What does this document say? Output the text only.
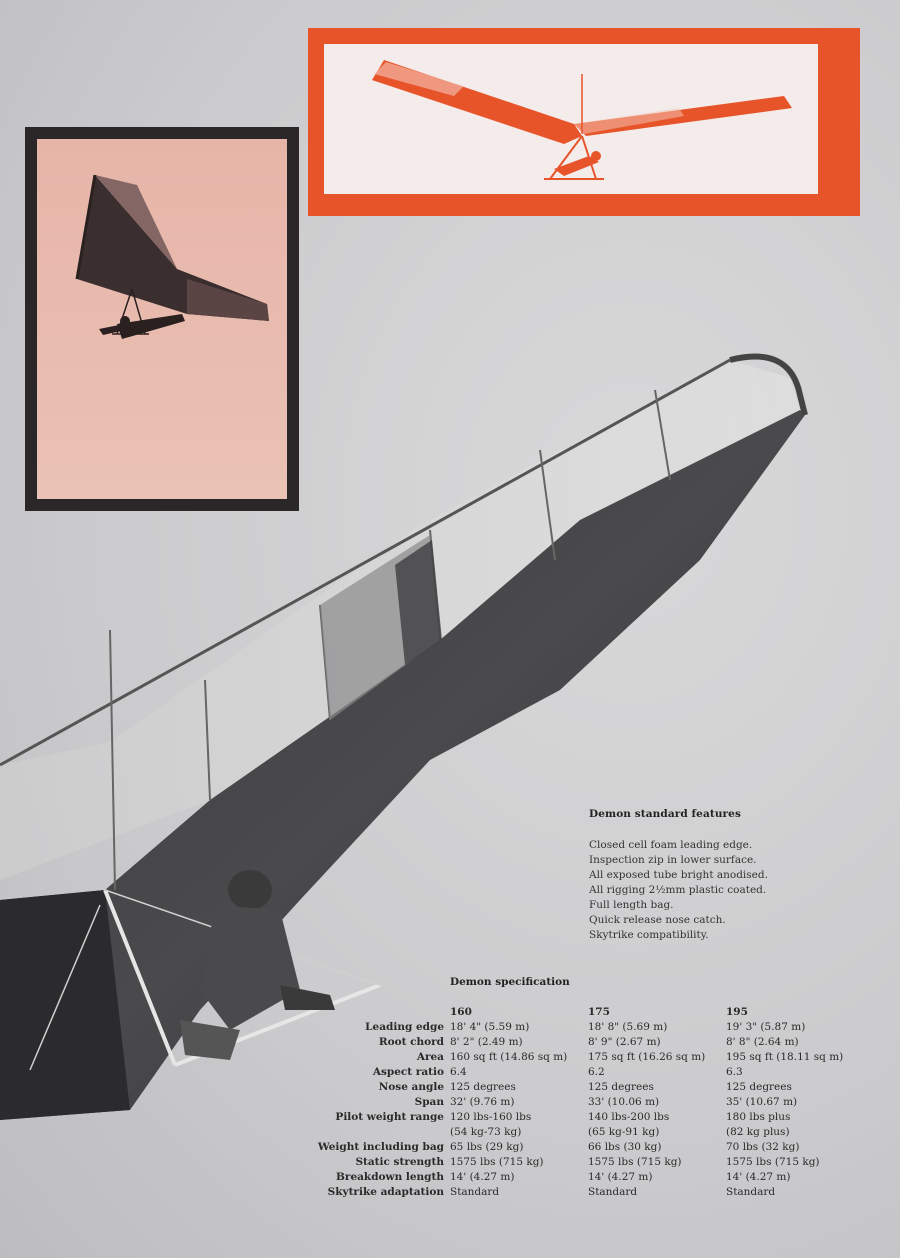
Demon standard features
Closed cell foam leading edge.
Inspection zip in lower surface.
All exposed tube bright anodised.
All rigging 2½mm plastic coated.
Full length bag.
Quick release nose catch.
Skytrike compatibility.
Demon specification
	160	175	195
Leading edge	18' 4" (5.59 m)	18' 8" (5.69 m)	19' 3" (5.87 m)
Root chord	8' 2" (2.49 m)	8' 9" (2.67 m)	8' 8" (2.64 m)
Area	160 sq ft (14.86 sq m)	175 sq ft (16.26 sq m)	195 sq ft (18.11 sq m)
Aspect ratio	6.4	6.2	6.3
Nose angle	125 degrees	125 degrees	125 degrees
Span	32' (9.76 m)	33' (10.06 m)	35' (10.67 m)
Pilot weight range	120 lbs-160 lbs	140 lbs-200 lbs	180 lbs plus
	(54 kg-73 kg)	(65 kg-91 kg)	(82 kg plus)
Weight including bag	65 lbs (29 kg)	66 lbs (30 kg)	70 lbs (32 kg)
Static strength	1575 lbs (715 kg)	1575 lbs (715 kg)	1575 lbs (715 kg)
Breakdown length	14' (4.27 m)	14' (4.27 m)	14' (4.27 m)
Skytrike adaptation	Standard	Standard	Standard
